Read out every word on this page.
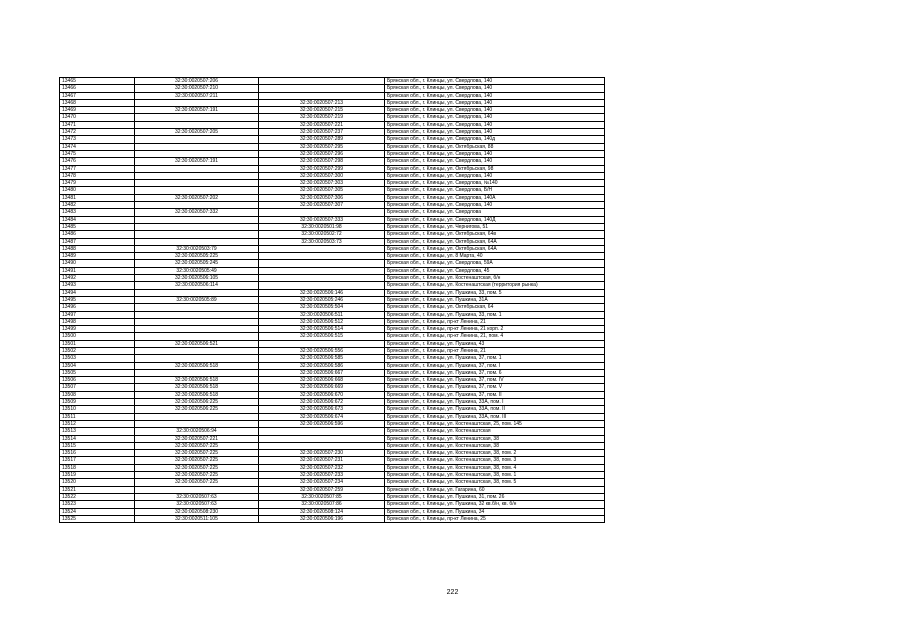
13465	32:30:0020507:206		Брянская обл., г. Клинцы, ул. Свердлова, 140
13466	32:30:0020507:210		Брянская обл., г. Клинцы, ул. Свердлова, 140
13467	32:30:0020507:211		Брянская обл., г. Клинцы, ул. Свердлова, 140
13468		32:30:0020507:213	Брянская обл., г. Клинцы, ул. Свердлова, 140
13469	32:30:0020507:191	32:30:0020507:215	Брянская обл., г. Клинцы, ул. Свердлова, 140
13470		32:30:0020507:219	Брянская обл., г. Клинцы, ул. Свердлова, 140
13471		32:30:0020507:221	Брянская обл., г. Клинцы, ул. Свердлова, 140
13472	32:30:0020507:205	32:30:0020507:237	Брянская обл., г. Клинцы, ул. Свердлова, 140
13473		32:30:0020507:289	Брянская обл., г. Клинцы, ул. Свердлова, 140д
13474		32:30:0020507:295	Брянская обл., г. Клинцы, ул. Октябрьская, 88
13475		32:30:0020507:296	Брянская обл., г. Клинцы, ул. Свердлова, 140
13476	32:30:0020507:191	32:30:0020507:298	Брянская обл., г. Клинцы, ул. Свердлова, 140
13477		32:30:0020507:299	Брянская обл., г. Клинцы, ул. Октябрьская, 98
13478		32:30:0020507:300	Брянская обл., г. Клинцы, ул. Свердлова, 140
13479		32:30:0020507:303	Брянская обл., г. Клинцы, ул. Свердлова, №140
13480		32:30:0020507:305	Брянская обл., г. Клинцы, ул. Свердлова, Б/Н
13481	32:30:0020507:202	32:30:0020507:306	Брянская обл., г. Клинцы, ул. Свердлова, 140А
13482		32:30:0020507:307	Брянская обл., г. Клинцы, ул. Свердлова, 140
13483	32:30:0020507:332		Брянская обл., г. Клинцы, ул. Свердлова
13484		32:30:0020507:333	Брянская обл., г. Клинцы, ул. Свердлова, 140Д
13485		32:30:0020501:98	Брянская обл., г. Клинцы, ул. Чернигова, 51
13486		32:30:0020502:72	Брянская обл., г. Клинцы, ул. Октябрьская, 64в
13487		32:30:0020503:73	Брянская обл., г. Клинцы, ул. Октябрьская, 64А
13488	32:30:0020503:79		Брянская обл., г. Клинцы, ул. Октябрьская, 64А
13489	32:30:0020505:225		Брянская обл., г. Клинцы, ул. 8 Марта, 40
13490	32:30:0020505:245		Брянская обл., г. Клинцы, ул. Свердлова, 59А
13491	32:30:0020505:49		Брянская обл., г. Клинцы, ул. Свердлова, 45
13492	32:30:0020506:105		Брянская обл., г. Клинцы, ул. Костенаштская, б/н
13493	32:30:0020506:114		Брянская обл., г. Клинцы, ул. Костенаштская (территория рынка)
13494		32:30:0020506:146	Брянская обл., г. Клинцы, ул. Пушкина, 33, пом. 5
13495	32:30:0020505:89	32:30:0020505:246	Брянская обл., г. Клинцы, ул. Пушкина, 31А
13496		32:30:0020505:504	Брянская обл., г. Клинцы, ул. Октябрьская, 64
13497		32:30:0020506:511	Брянская обл., г. Клинцы, ул. Пушкина, 33, пом. 1
13498		32:30:0020506:512	Брянская обл., г. Клинцы, пр-кт Ленина, 21
13499		32:30:0020506:514	Брянская обл., г. Клинцы, пр-кт Ленина, 21 корп. 2
13500		32:30:0020506:515	Брянская обл., г. Клинцы, пр-кт Ленина, 21, пом. 4
13501	32:30:0020506:521		Брянская обл., г. Клинцы, ул. Пушкина, 43
13502		32:30:0020506:556	Брянская обл., г. Клинцы, пр-кт Ленина, 21
13503		32:30:0020506:585	Брянская обл., г. Клинцы, ул. Пушкина, 37, пом. 1
13504	32:30:0020506:518	32:30:0020506:586	Брянская обл., г. Клинцы, ул. Пушкина, 37, пом. I
13505		32:30:0020506:667	Брянская обл., г. Клинцы, ул. Пушкина, 37, пом. 6
13506	32:30:0020506:518	32:30:0020506:668	Брянская обл., г. Клинцы, ул. Пушкина, 37, пом. IV
13507	32:30:0020506:518	32:30:0020506:669	Брянская обл., г. Клинцы, ул. Пушкина, 37, пом. V
13508	32:30:0020506:518	32:30:0020506:670	Брянская обл., г. Клинцы, ул. Пушкина, 37, пом. II
13509	32:30:0020506:225	32:30:0020506:672	Брянская обл., г. Клинцы, ул. Пушкина, 33А, пом. I
13510	32:30:0020506:225	32:30:0020506:673	Брянская обл., г. Клинцы, ул. Пушкина, 33А, пом. II
13511		32:30:0020506:674	Брянская обл., г. Клинцы, ул. Пушкина, 33А, пом. III
13512		32:30:0020506:596	Брянская обл., г. Клинцы, ул. Костенаштская, 25, пом. 145
13513	32:30:0020506:94		Брянская обл., г. Клинцы, ул. Костенаштская
13514	32:30:0020507:221		Брянская обл., г. Клинцы, ул. Костенаштская, 38
13515	32:30:0020507:225		Брянская обл., г. Клинцы, ул. Костенаштская, 38
13516	32:30:0020507:225	32:30:0020507:230	Брянская обл., г. Клинцы, ул. Костенаштская, 38, пом. 2
13517	32:30:0020507:225	32:30:0020507:231	Брянская обл., г. Клинцы, ул. Костенаштская, 38, пом. 3
13518	32:30:0020507:225	32:30:0020507:232	Брянская обл., г. Клинцы, ул. Костенаштская, 38, пом. 4
13519	32:30:0020507:225	32:30:0020507:233	Брянская обл., г. Клинцы, ул. Костенаштская, 38, пом. 1
13520	32:30:0020507:225	32:30:0020507:234	Брянская обл., г. Клинцы, ул. Костенаштская, 38, пом. 5
13521		32:30:0020507:259	Брянская обл., г. Клинцы, ул. Гагарина, 60
13522	32:30:0020507:63	32:30:0020507:85	Брянская обл., г. Клинцы, ул. Пушкина, 31, пом. 26
13523	32:30:0020507:63	32:30:0020507:86	Брянская обл., г. Клинцы, ул. Пушкина, 32 кв.б/н, кв. б/н
13524	32:30:0020508:230	32:30:0020508:124	Брянская обл., г. Клинцы, ул. Пушкина, 34
13525	32:30:0020511:105	32:30:0020506:196	Брянская обл., г. Клинцы, пр-кт Ленина, 25
222
